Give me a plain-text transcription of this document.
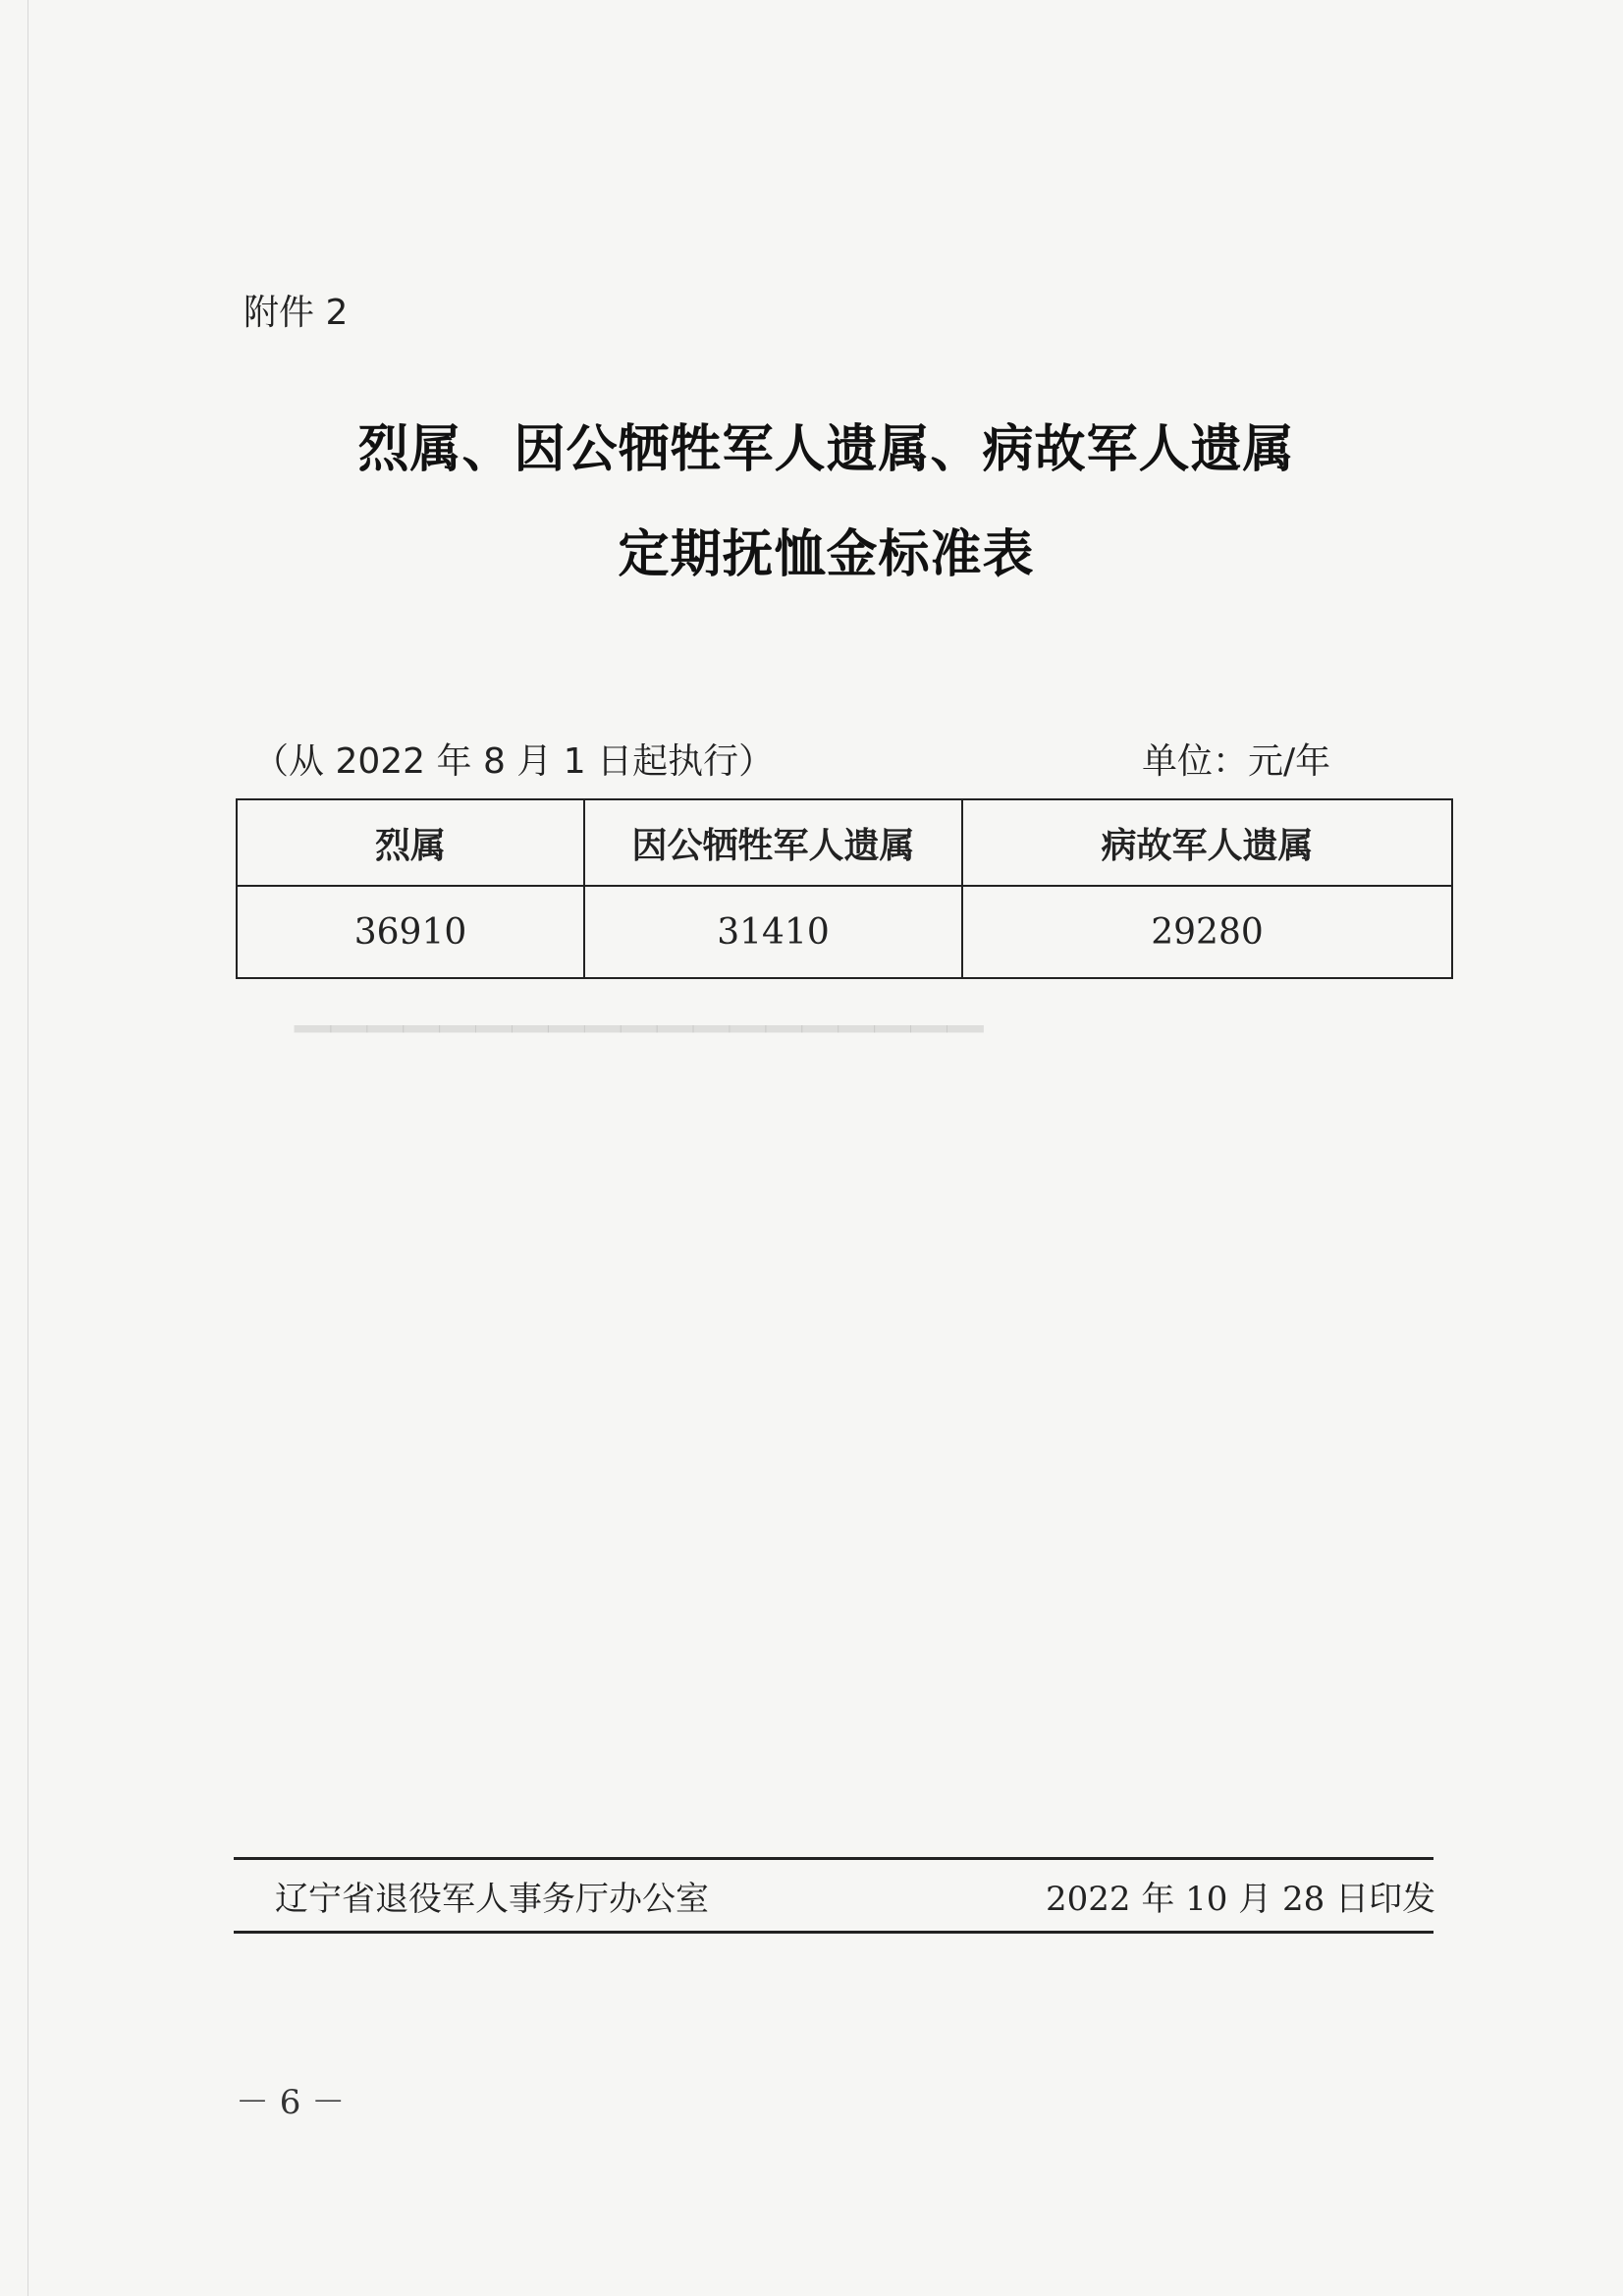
▔▔▔▔▔▔▔▔▔▔▔▔▔▔▔▔▔▔▔
附件 2
烈属、因公牺牲军人遗属、病故军人遗属
定期抚恤金标准表
（从 2022 年 8 月 1 日起执行）	单位：元/年
烈属	因公牺牲军人遗属	病故军人遗属
36910	31410	29280
辽宁省退役军人事务厅办公室	2022 年 10 月 28 日印发
－ 6 －
